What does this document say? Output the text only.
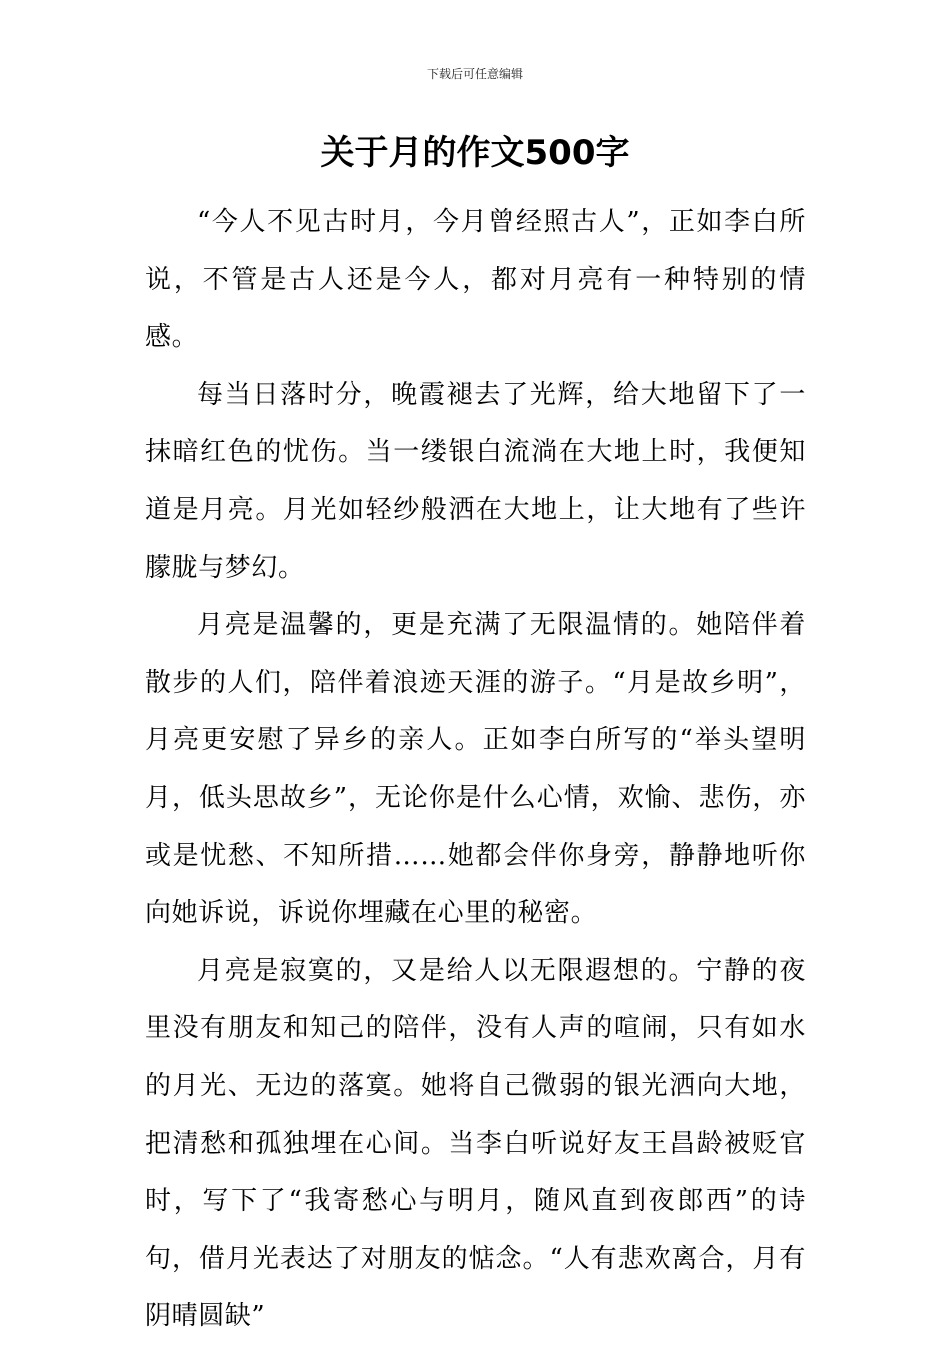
下载后可任意编辑
关于月的作文500字

“今人不见古时月，今月曾经照古人”，正如李白所说，不管是古人还是今人，都对月亮有一种特别的情感。

每当日落时分，晚霞褪去了光辉，给大地留下了一抹暗红色的忧伤。当一缕银白流淌在大地上时，我便知道是月亮。月光如轻纱般洒在大地上，让大地有了些许朦胧与梦幻。

月亮是温馨的，更是充满了无限温情的。她陪伴着散步的人们，陪伴着浪迹天涯的游子。“月是故乡明”，月亮更安慰了异乡的亲人。正如李白所写的“举头望明月，低头思故乡”，无论你是什么心情，欢愉、悲伤，亦或是忧愁、不知所措……她都会伴你身旁，静静地听你向她诉说，诉说你埋藏在心里的秘密。

月亮是寂寞的，又是给人以无限遐想的。宁静的夜里没有朋友和知己的陪伴，没有人声的喧闹，只有如水的月光、无边的落寞。她将自己微弱的银光洒向大地，把清愁和孤独埋在心间。当李白听说好友王昌龄被贬官时，写下了“我寄愁心与明月，随风直到夜郎西”的诗句，借月光表达了对朋友的惦念。“人有悲欢离合，月有阴晴圆缺”
